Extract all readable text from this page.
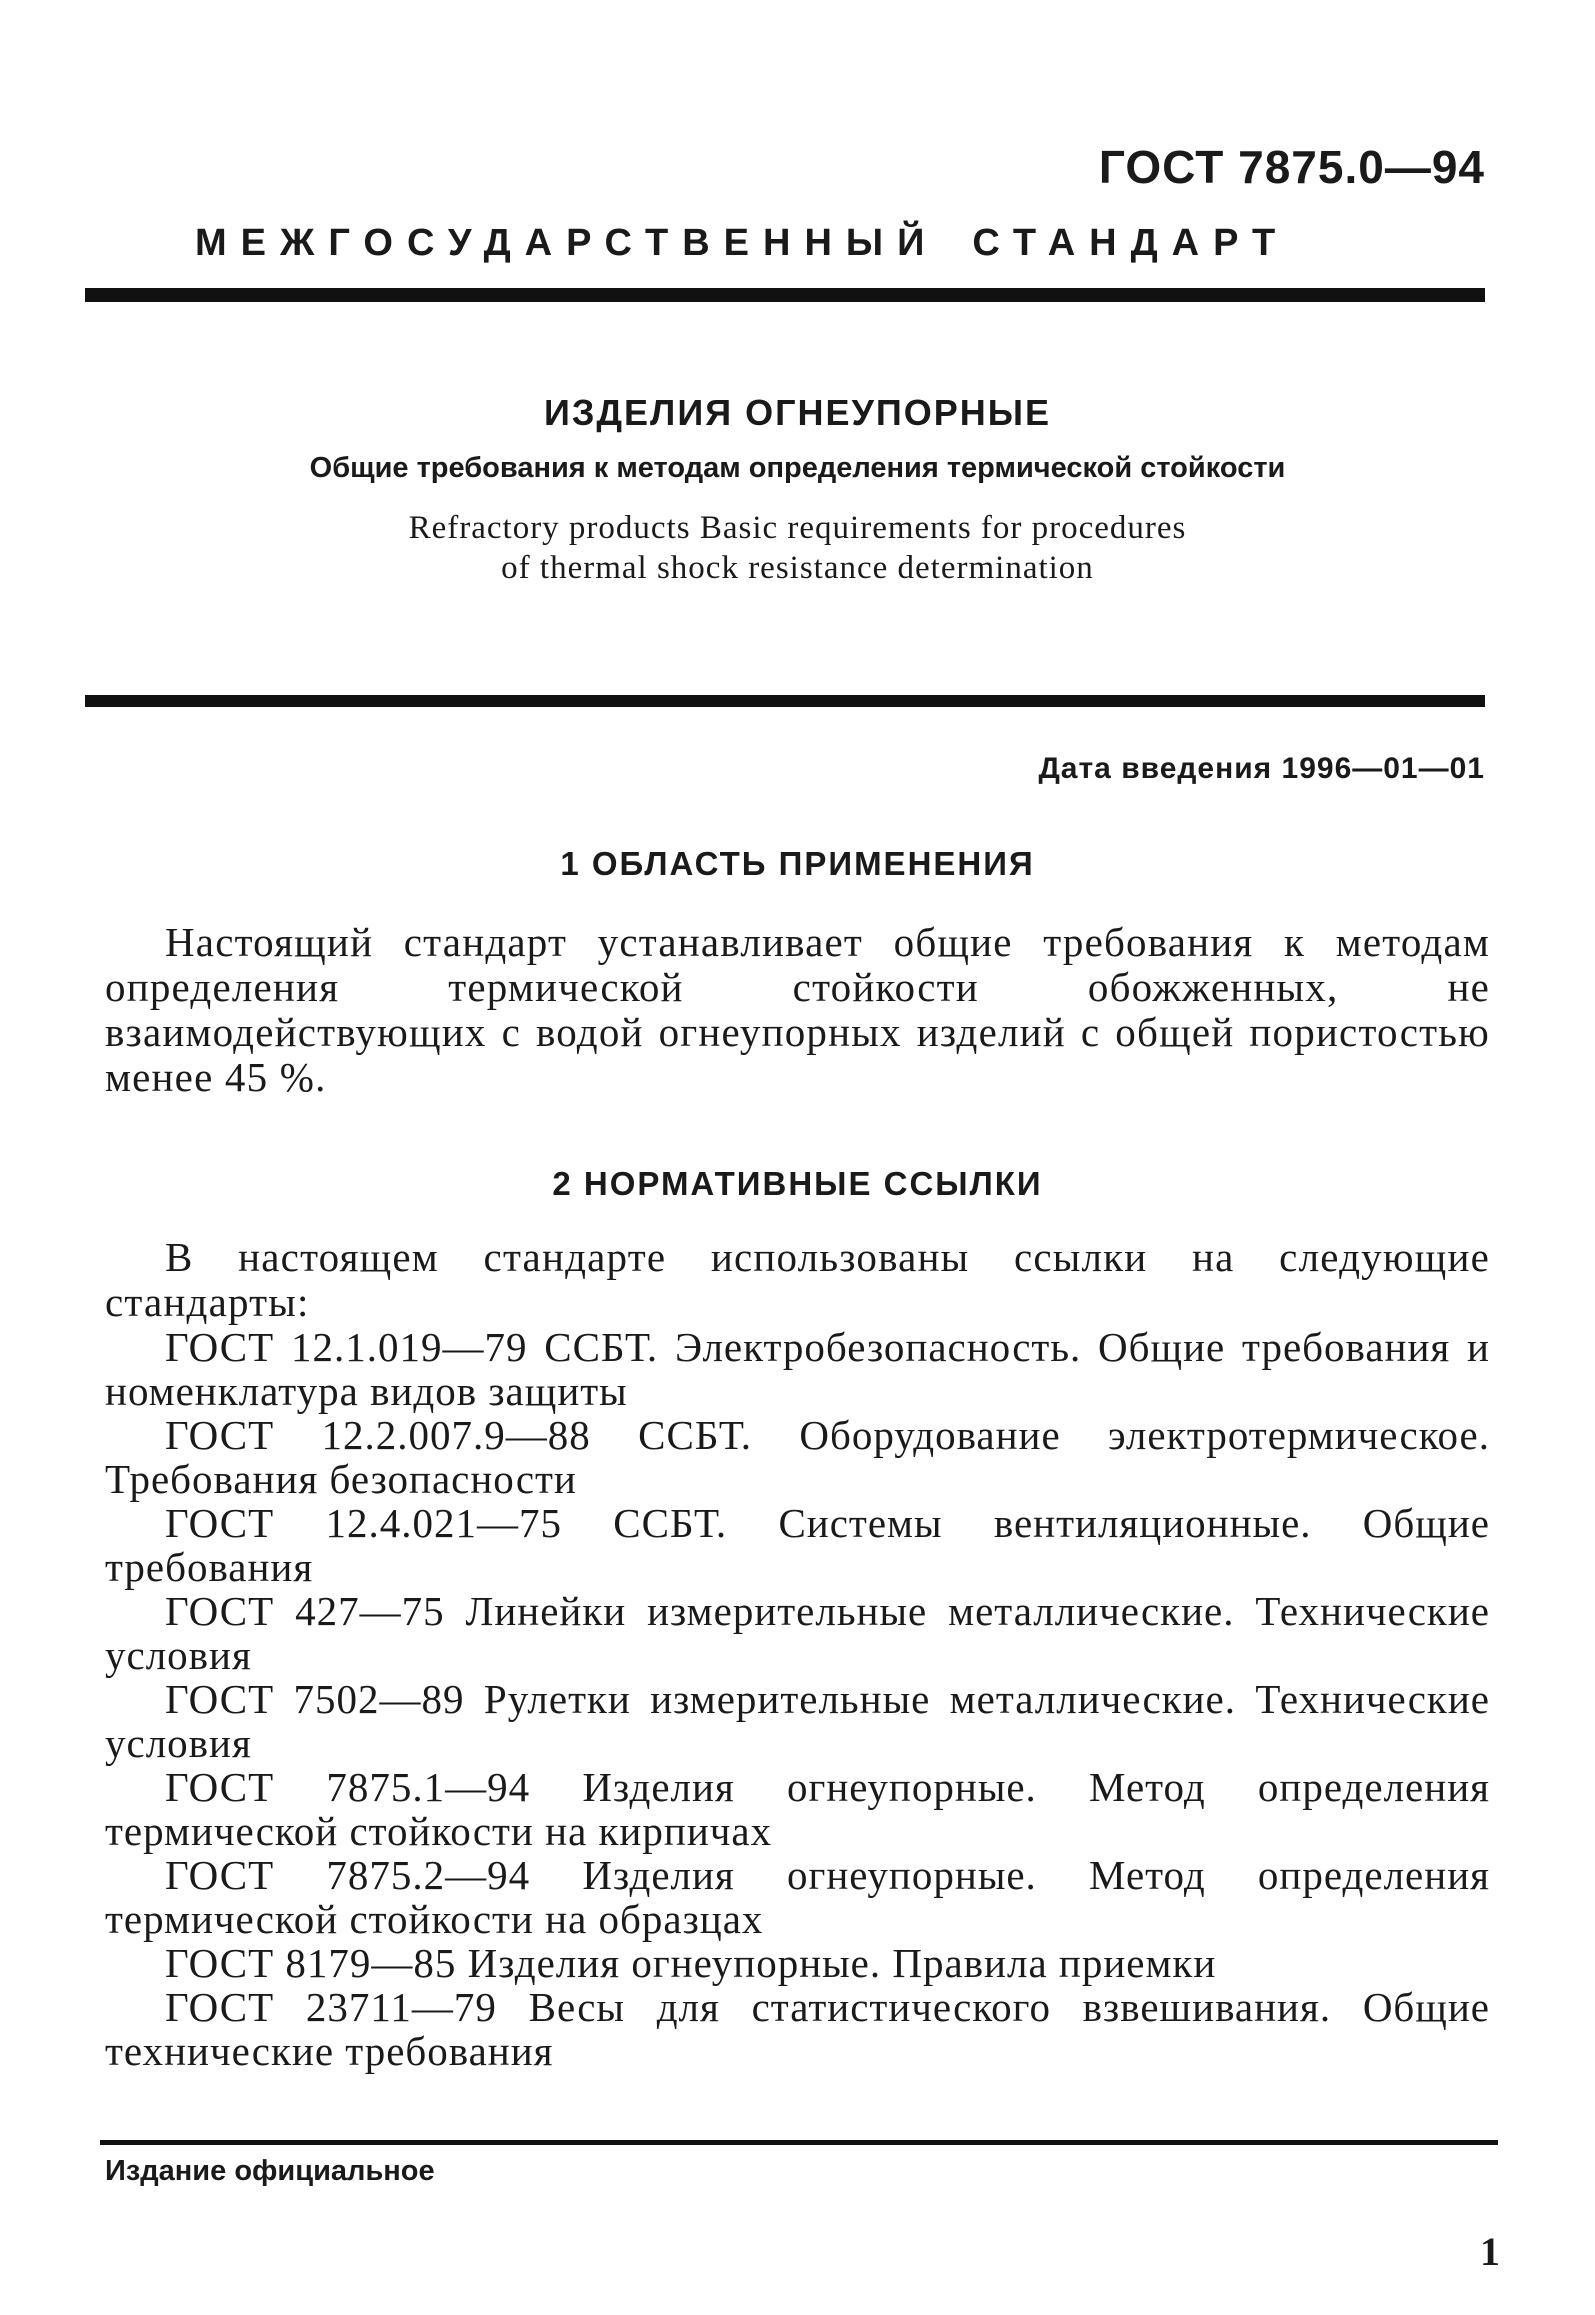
ГОСТ 7875.0—94
МЕЖГОСУДАРСТВЕННЫЙ СТАНДАРТ
ИЗДЕЛИЯ ОГНЕУПОРНЫЕ
Общие требования к методам определения термической стойкости
Refractory products Basic requirements for procedures
of thermal shock resistance determination
Дата введения 1996—01—01
1 ОБЛАСТЬ ПРИМЕНЕНИЯ

Настоящий стандарт устанавливает общие требования к методам определения термической стойкости обожженных, не взаимодействующих с водой огнеупорных изделий с общей пористостью менее 45 %.

2 НОРМАТИВНЫЕ ССЫЛКИ

В настоящем стандарте использованы ссылки на следующие стандарты:

ГОСТ 12.1.019—79 ССБТ. Электробезопасность. Общие требования и номенклатура видов защиты
ГОСТ 12.2.007.9—88 ССБТ. Оборудование электротермическое. Требования безопасности
ГОСТ 12.4.021—75 ССБТ. Системы вентиляционные. Общие требования
ГОСТ 427—75 Линейки измерительные металлические. Технические условия
ГОСТ 7502—89 Рулетки измерительные металлические. Технические условия
ГОСТ 7875.1—94 Изделия огнеупорные. Метод определения термической стойкости на кирпичах
ГОСТ 7875.2—94 Изделия огнеупорные. Метод определения термической стойкости на образцах
ГОСТ 8179—85 Изделия огнеупорные. Правила приемки
ГОСТ 23711—79 Весы для статистического взвешивания. Общие технические требования
Издание официальное
1
